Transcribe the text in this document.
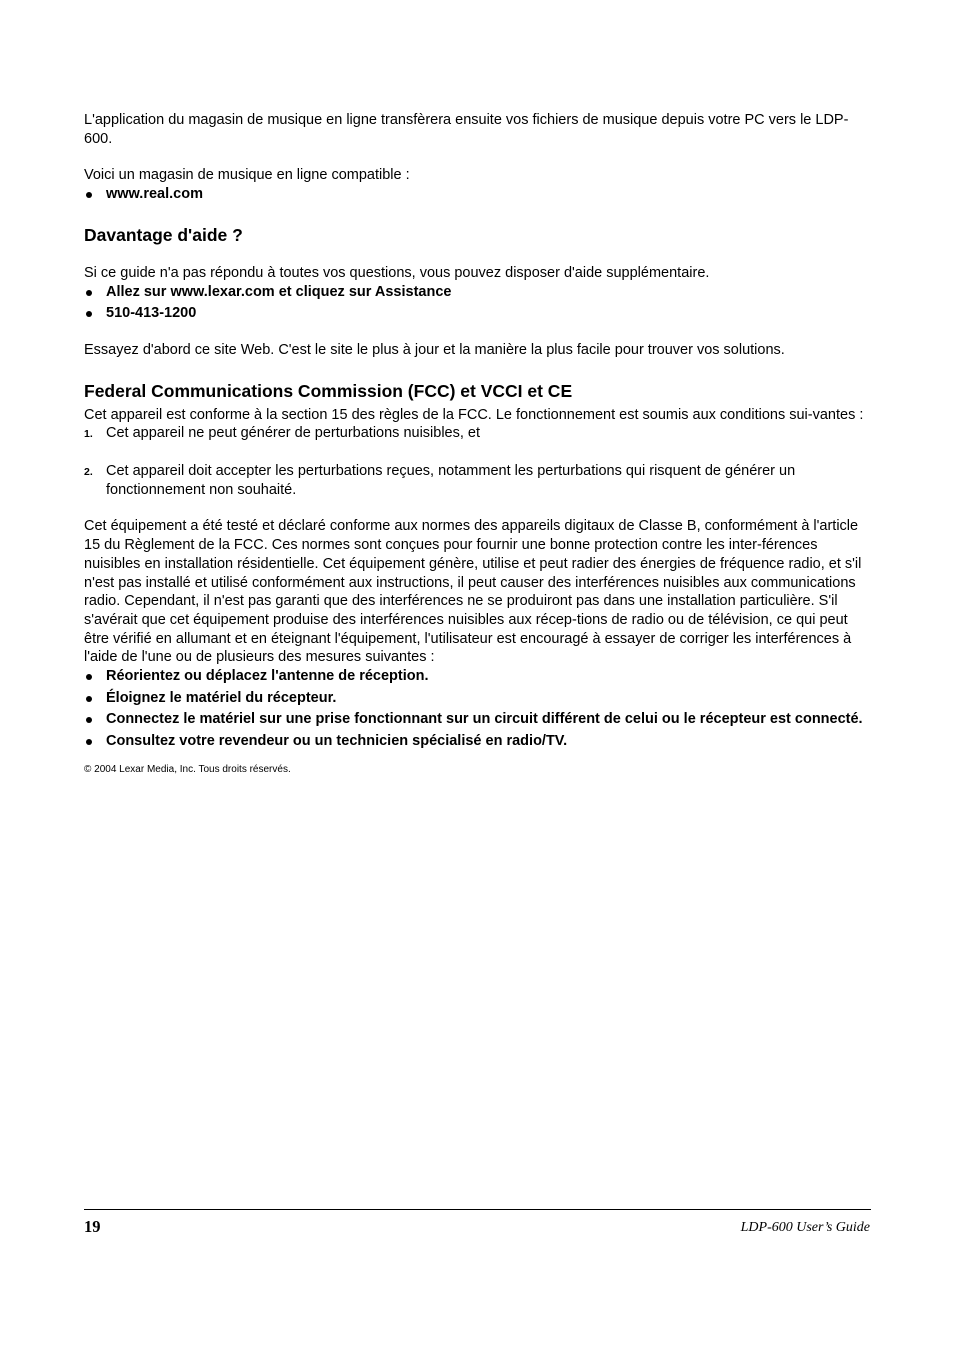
L'application du magasin de musique en ligne transfèrera ensuite vos fichiers de musique depuis votre PC vers le LDP-600.

Voici un magasin de musique en ligne compatible :

www.real.com
Davantage d'aide ?

Si ce guide n'a pas répondu à toutes vos questions, vous pouvez disposer d'aide supplémentaire.

Allez sur www.lexar.com et cliquez sur Assistance
510-413-1200

Essayez d'abord ce site Web. C'est le site le plus à jour et la manière la plus facile pour trouver vos solutions.

Federal Communications Commission (FCC) et VCCI et CE

Cet appareil est conforme à la section 15 des règles de la FCC. Le fonctionnement est soumis aux conditions sui-vantes :

1. Cet appareil ne peut générer de perturbations nuisibles, et
2. Cet appareil doit accepter les perturbations reçues, notamment les perturbations qui risquent de générer un fonctionnement non souhaité.

Cet équipement a été testé et déclaré conforme aux normes des appareils digitaux de Classe B, conformément à l'article 15 du Règlement de la FCC. Ces normes sont conçues pour fournir une bonne protection contre les inter-férences nuisibles en installation résidentielle. Cet équipement génère, utilise et peut radier des énergies de fréquence radio, et s'il n'est pas installé et utilisé conformément aux instructions, il peut causer des interférences nuisibles aux communications radio. Cependant, il n'est pas garanti que des interférences ne se produiront pas dans une installation particulière. S'il s'avérait que cet équipement produise des interférences nuisibles aux récep-tions de radio ou de télévision, ce qui peut être vérifié en allumant et en éteignant l'équipement, l'utilisateur est encouragé à essayer de corriger les interférences à l'aide de l'une ou de plusieurs des mesures suivantes :

Réorientez ou déplacez l'antenne de réception.
Éloignez le matériel du récepteur.
Connectez le matériel sur une prise fonctionnant sur un circuit différent de celui ou le récepteur est connecté.
Consultez votre revendeur ou un technicien spécialisé en radio/TV.

© 2004 Lexar Media, Inc. Tous droits réservés.

19	LDP-600 User’s Guide
